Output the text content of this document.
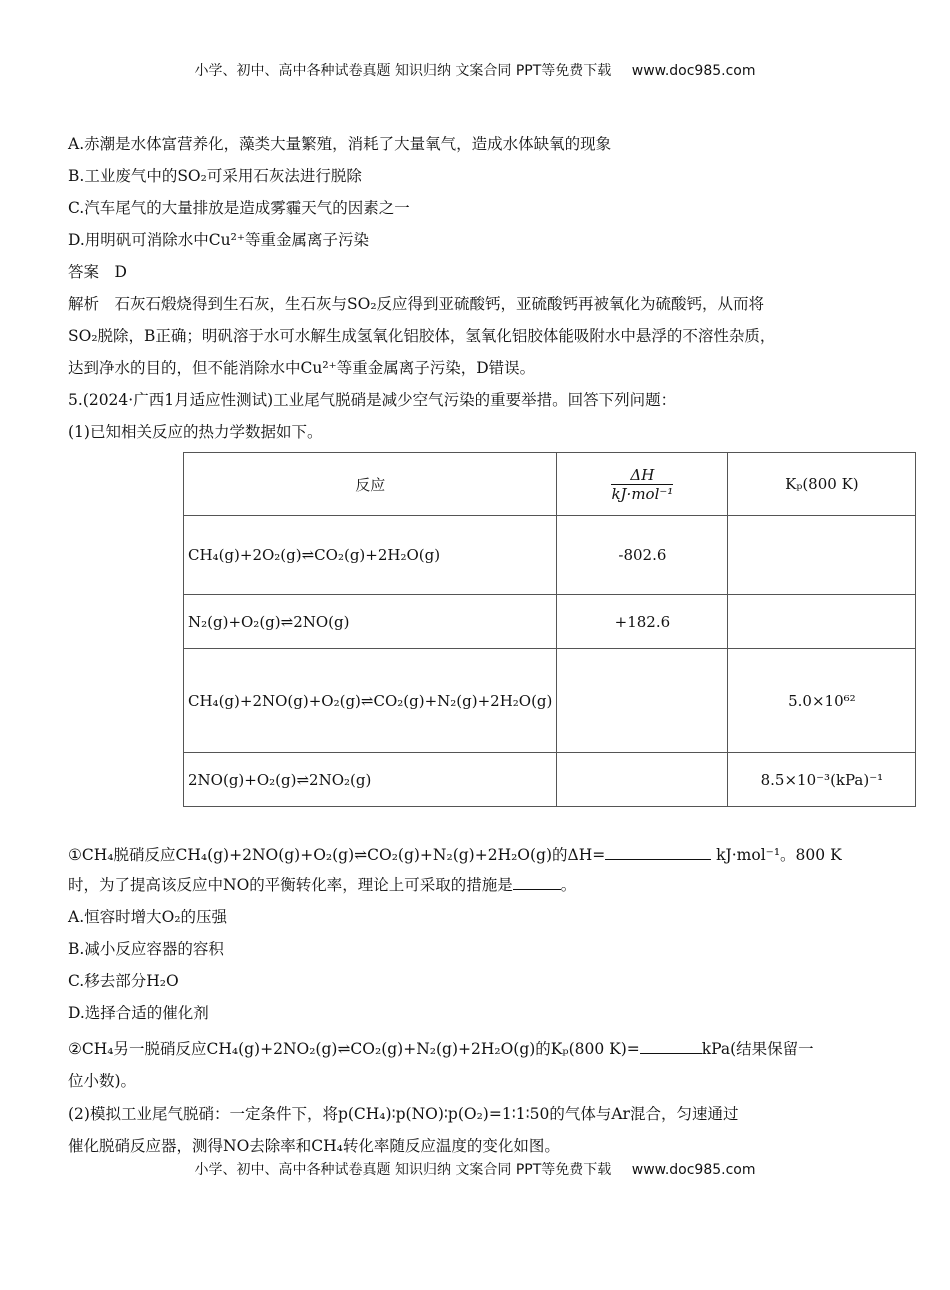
小学、初中、高中各种试卷真题 知识归纳 文案合同 PPT等免费下载 www.doc985.com
A.赤潮是水体富营养化，藻类大量繁殖，消耗了大量氧气，造成水体缺氧的现象
B.工业废气中的SO₂可采用石灰法进行脱除
C.汽车尾气的大量排放是造成雾霾天气的因素之一
D.用明矾可消除水中Cu²⁺等重金属离子污染
答案　D
解析　石灰石煅烧得到生石灰，生石灰与SO₂反应得到亚硫酸钙，亚硫酸钙再被氧化为硫酸钙，从而将
SO₂脱除，B正确；明矾溶于水可水解生成氢氧化铝胶体，氢氧化铝胶体能吸附水中悬浮的不溶性杂质，
达到净水的目的，但不能消除水中Cu²⁺等重金属离子污染，D错误。
5.(2024·广西1月适应性测试)工业尾气脱硝是减少空气污染的重要举措。回答下列问题：
(1)已知相关反应的热力学数据如下。
反应	$\frac{\Delta H}{\text{kJ·mol⁻¹}}$	Kₚ(800 K)
CH₄(g)+2O₂(g)⇌CO₂(g)+2H₂O(g)	-802.6	
N₂(g)+O₂(g)⇌2NO(g)	+182.6	
CH₄(g)+2NO(g)+O₂(g)⇌CO₂(g)+N₂(g)+2H₂O(g)		5.0×10⁶²
2NO(g)+O₂(g)⇌2NO₂(g)		8.5×10⁻³(kPa)⁻¹
①CH₄脱硝反应CH₄(g)+2NO(g)+O₂(g)⇌CO₂(g)+N₂(g)+2H₂O(g)的ΔH=	kJ·mol⁻¹。800 K
时，为了提高该反应中NO的平衡转化率，理论上可采取的措施是	。
A.恒容时增大O₂的压强
B.减小反应容器的容积
C.移去部分H₂O
D.选择合适的催化剂
②CH₄另一脱硝反应CH₄(g)+2NO₂(g)⇌CO₂(g)+N₂(g)+2H₂O(g)的Kₚ(800 K)=	kPa(结果保留一
位小数)。
(2)模拟工业尾气脱硝：一定条件下，将p(CH₄)∶p(NO)∶p(O₂)=1∶1∶50的气体与Ar混合，匀速通过
催化脱硝反应器，测得NO去除率和CH₄转化率随反应温度的变化如图。
小学、初中、高中各种试卷真题 知识归纳 文案合同 PPT等免费下载 www.doc985.com
